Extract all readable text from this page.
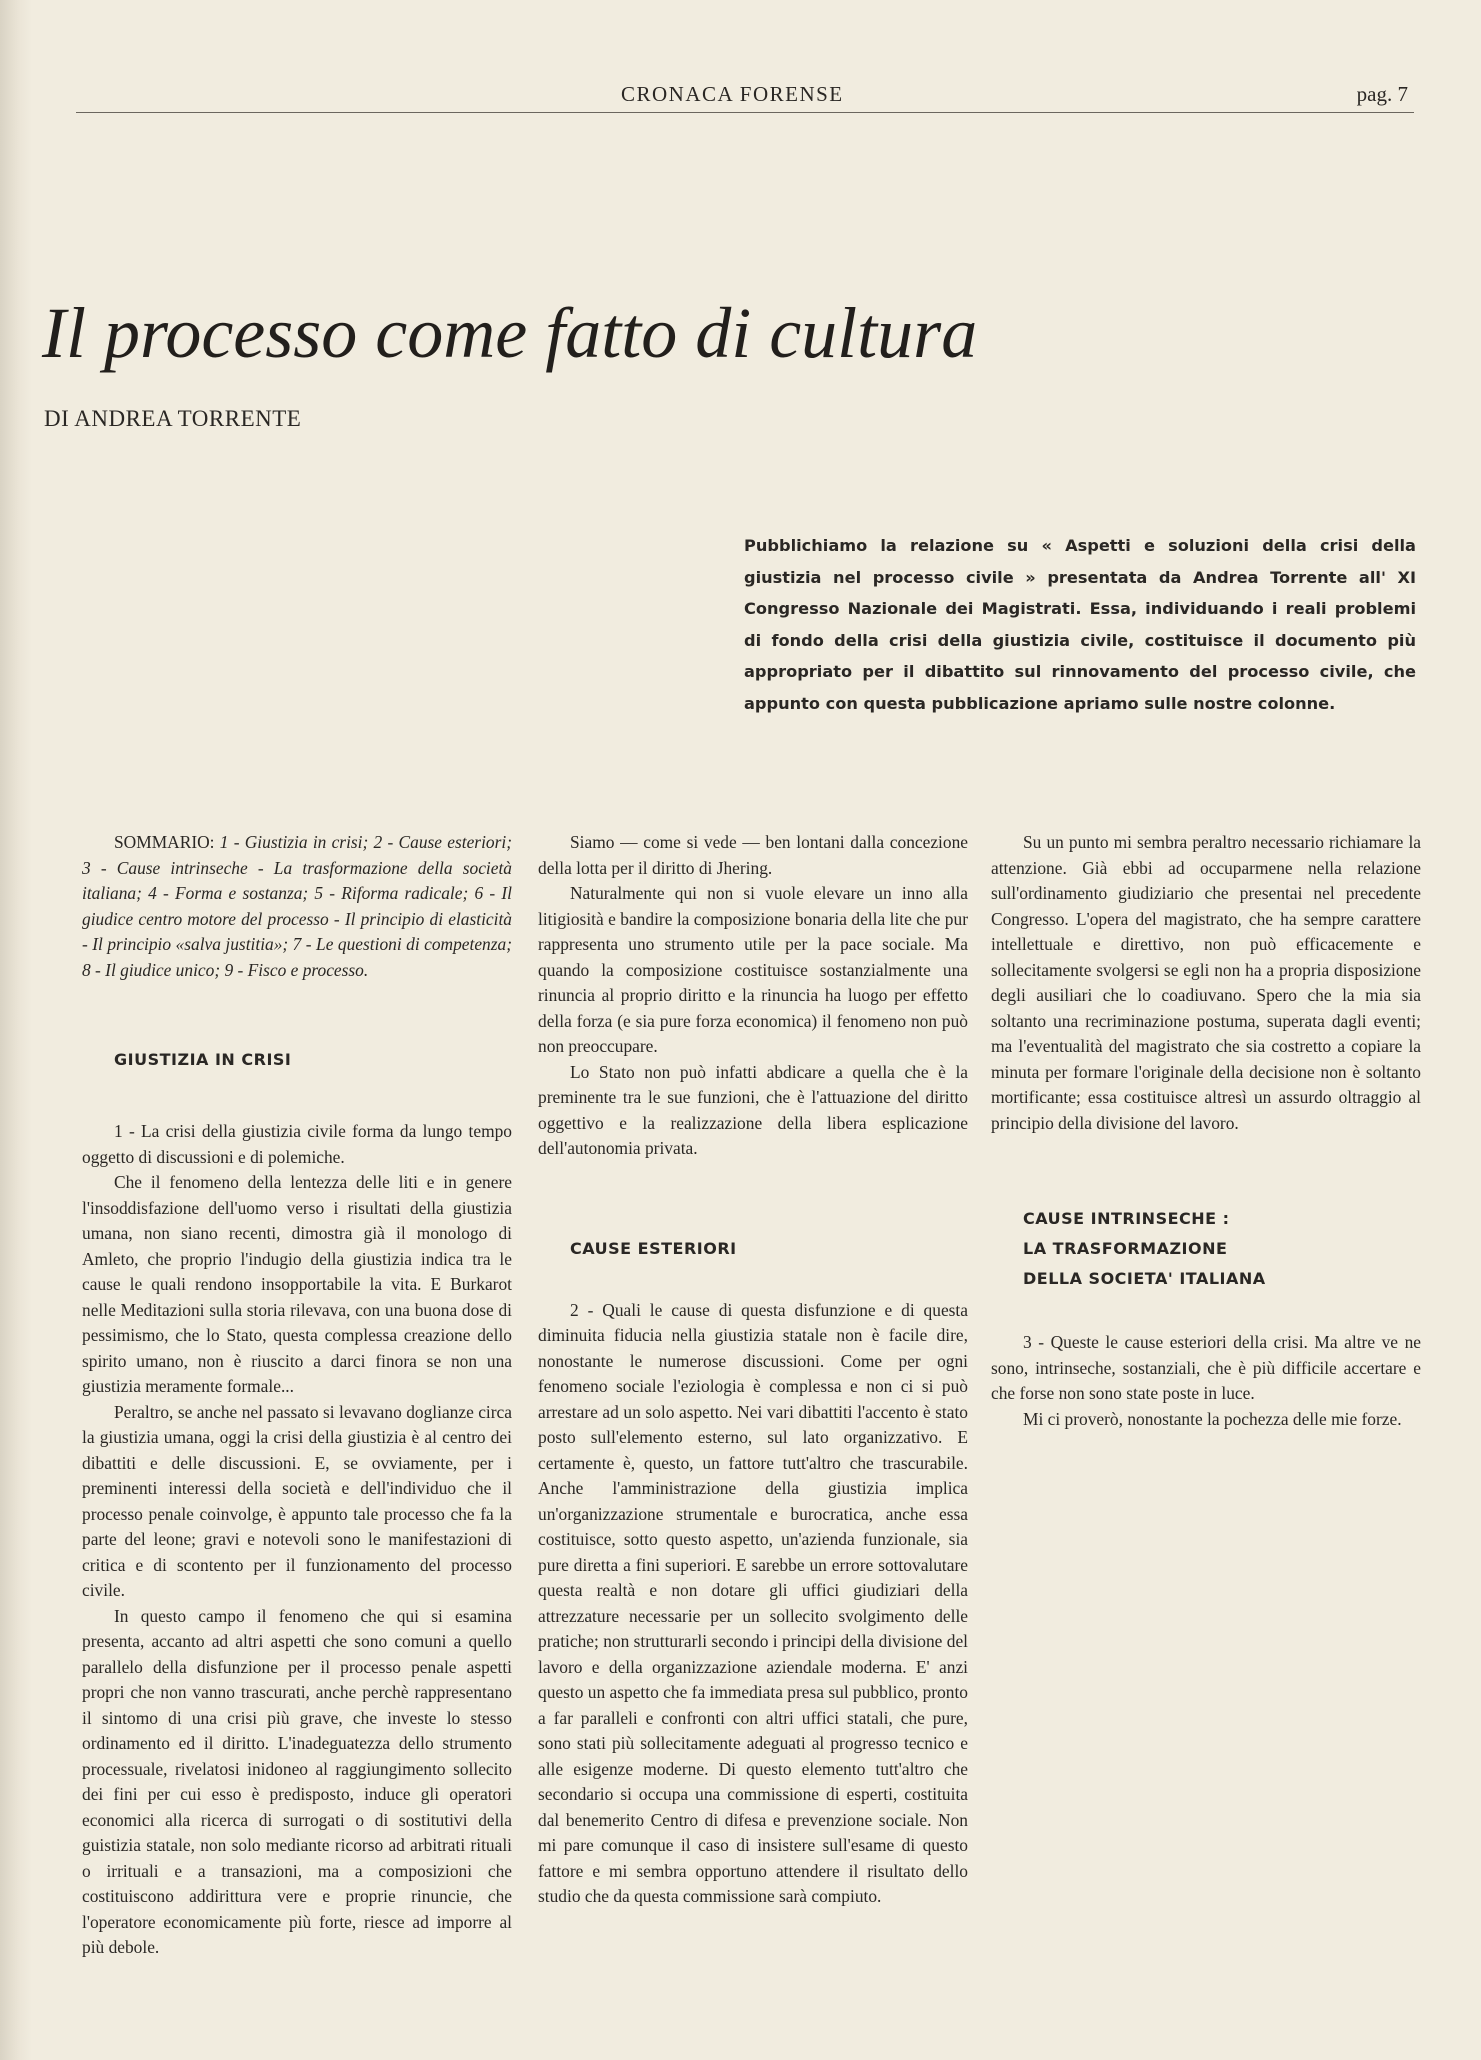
CRONACA FORENSE	pag. 7
Il processo come fatto di cultura
DI ANDREA TORRENTE

Pubblichiamo la relazione su « Aspetti e soluzioni della crisi della giustizia nel processo civile » presentata da Andrea Torrente all' XI Congresso Nazionale dei Magistrati. Essa, individuando i reali problemi di fondo della crisi della giustizia civile, costituisce il documento più appropriato per il dibattito sul rinnovamento del processo civile, che appunto con questa pubblicazione apriamo sulle nostre colonne.

SOMMARIO: 1 - Giustizia in crisi; 2 - Cause esteriori; 3 - Cause intrinseche - La trasformazione della società italiana; 4 - Forma e sostanza; 5 - Riforma radicale; 6 - Il giudice centro motore del processo - Il principio di elasticità - Il principio «salva justitia»; 7 - Le questioni di competenza; 8 - Il giudice unico; 9 - Fisco e processo.

GIUSTIZIA IN CRISI

1 - La crisi della giustizia civile forma da lungo tempo oggetto di discussioni e di polemiche.

Che il fenomeno della lentezza delle liti e in genere l'insoddisfazione dell'uomo verso i risultati della giustizia umana, non siano recenti, dimostra già il monologo di Amleto, che proprio l'indugio della giustizia indica tra le cause le quali rendono insopportabile la vita. E Burkarot nelle Meditazioni sulla storia rilevava, con una buona dose di pessimismo, che lo Stato, questa complessa creazione dello spirito umano, non è riuscito a darci finora se non una giustizia meramente formale...

Peraltro, se anche nel passato si levavano doglianze circa la giustizia umana, oggi la crisi della giustizia è al centro dei dibattiti e delle discussioni. E, se ovviamente, per i preminenti interessi della società e dell'individuo che il processo penale coinvolge, è appunto tale processo che fa la parte del leone; gravi e notevoli sono le manifestazioni di critica e di scontento per il funzionamento del processo civile.

In questo campo il fenomeno che qui si esamina presenta, accanto ad altri aspetti che sono comuni a quello parallelo della disfunzione per il processo penale aspetti propri che non vanno trascurati, anche perchè rappresentano il sintomo di una crisi più grave, che investe lo stesso ordinamento ed il diritto. L'inadeguatezza dello strumento processuale, rivelatosi inidoneo al raggiungimento sollecito dei fini per cui esso è predisposto, induce gli operatori economici alla ricerca di surrogati o di sostitutivi della guistizia statale, non solo mediante ricorso ad arbitrati rituali o irrituali e a transazioni, ma a composizioni che costituiscono addirittura vere e proprie rinuncie, che l'operatore economicamente più forte, riesce ad imporre al più debole.

Siamo — come si vede — ben lontani dalla concezione della lotta per il diritto di Jhering.

Naturalmente qui non si vuole elevare un inno alla litigiosità e bandire la composizione bonaria della lite che pur rappresenta uno strumento utile per la pace sociale. Ma quando la composizione costituisce sostanzialmente una rinuncia al proprio diritto e la rinuncia ha luogo per effetto della forza (e sia pure forza economica) il fenomeno non può non preoccupare.

Lo Stato non può infatti abdicare a quella che è la preminente tra le sue funzioni, che è l'attuazione del diritto oggettivo e la realizzazione della libera esplicazione dell'autonomia privata.

CAUSE ESTERIORI

2 - Quali le cause di questa disfunzione e di questa diminuita fiducia nella giustizia statale non è facile dire, nonostante le numerose discussioni. Come per ogni fenomeno sociale l'eziologia è complessa e non ci si può arrestare ad un solo aspetto. Nei vari dibattiti l'accento è stato posto sull'elemento esterno, sul lato organizzativo. E certamente è, questo, un fattore tutt'altro che trascurabile. Anche l'amministrazione della giustizia implica un'organizzazione strumentale e burocratica, anche essa costituisce, sotto questo aspetto, un'azienda funzionale, sia pure diretta a fini superiori. E sarebbe un errore sottovalutare questa realtà e non dotare gli uffici giudiziari della attrezzature necessarie per un sollecito svolgimento delle pratiche; non strutturarli secondo i principi della divisione del lavoro e della organizzazione aziendale moderna. E' anzi questo un aspetto che fa immediata presa sul pubblico, pronto a far paralleli e confronti con altri uffici statali, che pure, sono stati più sollecitamente adeguati al progresso tecnico e alle esigenze moderne. Di questo elemento tutt'altro che secondario si occupa una commissione di esperti, costituita dal benemerito Centro di difesa e prevenzione sociale. Non mi pare comunque il caso di insistere sull'esame di questo fattore e mi sembra opportuno attendere il risultato dello studio che da questa commissione sarà compiuto.

Su un punto mi sembra peraltro necessario richiamare la attenzione. Già ebbi ad occuparmene nella relazione sull'ordinamento giudiziario che presentai nel precedente Congresso. L'opera del magistrato, che ha sempre carattere intellettuale e direttivo, non può efficacemente e sollecitamente svolgersi se egli non ha a propria disposizione degli ausiliari che lo coadiuvano. Spero che la mia sia soltanto una recriminazione postuma, superata dagli eventi; ma l'eventualità del magistrato che sia costretto a copiare la minuta per formare l'originale della decisione non è soltanto mortificante; essa costituisce altresì un assurdo oltraggio al principio della divisione del lavoro.

CAUSE INTRINSECHE :
LA TRASFORMAZIONE
DELLA SOCIETA' ITALIANA

3 - Queste le cause esteriori della crisi. Ma altre ve ne sono, intrinseche, sostanziali, che è più difficile accertare e che forse non sono state poste in luce.

Mi ci proverò, nonostante la pochezza delle mie forze.
